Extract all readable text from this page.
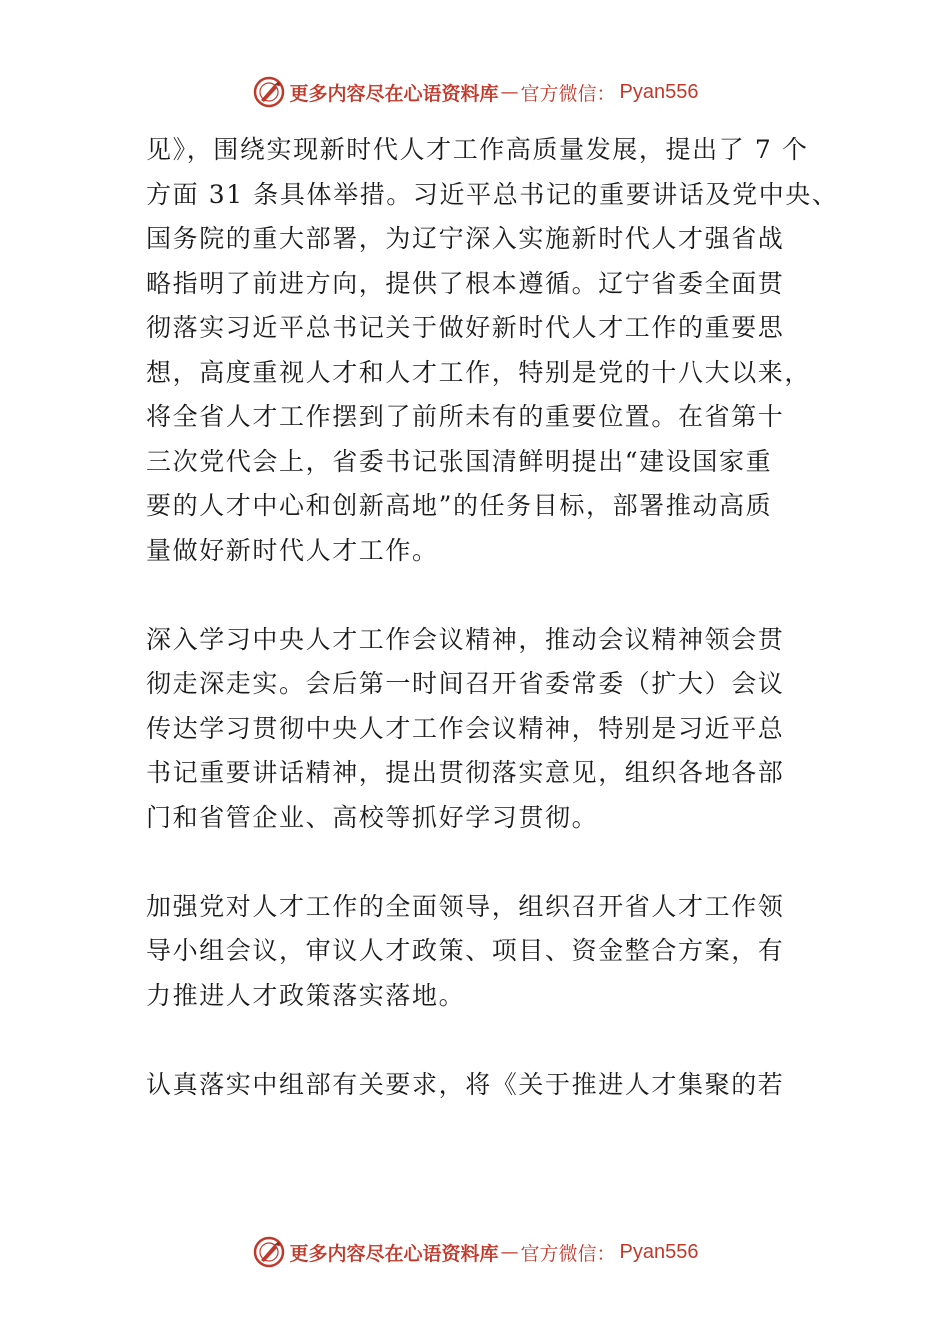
更多内容尽在心语资料库 — 官方微信： Pyan556

见》，围绕实现新时代人才工作高质量发展，提出了 7 个
方面 31 条具体举措。习近平总书记的重要讲话及党中央、
国务院的重大部署，为辽宁深入实施新时代人才强省战
略指明了前进方向，提供了根本遵循。辽宁省委全面贯
彻落实习近平总书记关于做好新时代人才工作的重要思
想，高度重视人才和人才工作，特别是党的十八大以来，
将全省人才工作摆到了前所未有的重要位置。在省第十
三次党代会上，省委书记张国清鲜明提出“建设国家重
要的人才中心和创新高地”的任务目标，部署推动高质
量做好新时代人才工作。

深入学习中央人才工作会议精神，推动会议精神领会贯
彻走深走实。会后第一时间召开省委常委（扩大）会议
传达学习贯彻中央人才工作会议精神，特别是习近平总
书记重要讲话精神，提出贯彻落实意见，组织各地各部
门和省管企业、高校等抓好学习贯彻。

加强党对人才工作的全面领导，组织召开省人才工作领
导小组会议，审议人才政策、项目、资金整合方案，有
力推进人才政策落实落地。

认真落实中组部有关要求，将《关于推进人才集聚的若

更多内容尽在心语资料库 — 官方微信： Pyan556
